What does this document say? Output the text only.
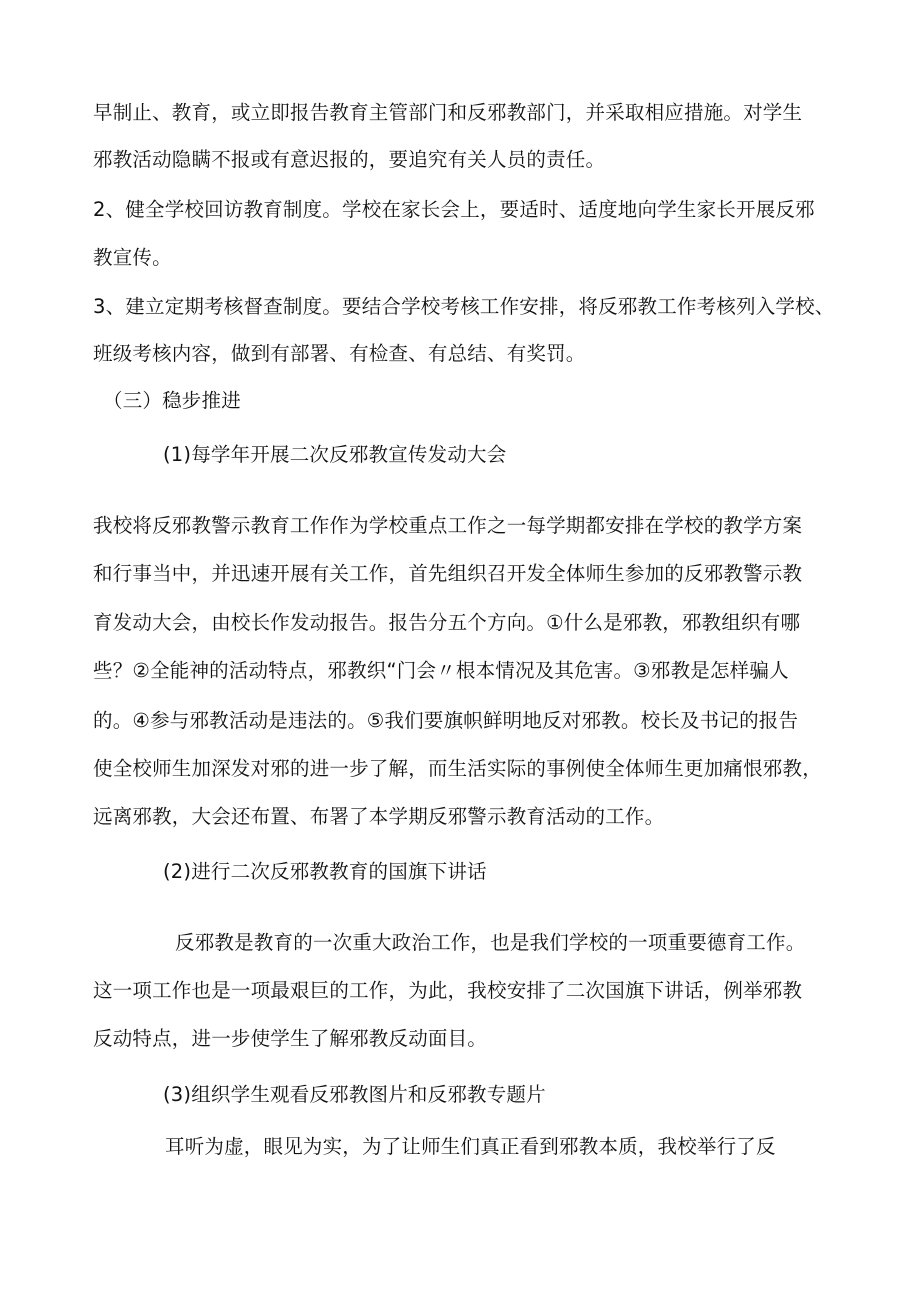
早制止、教育，或立即报告教育主管部门和反邪教部门，并采取相应措施。对学生
邪教活动隐瞒不报或有意迟报的，要追究有关人员的责任。
2、健全学校回访教育制度。学校在家长会上，要适时、适度地向学生家长开展反邪
教宣传。
3、建立定期考核督查制度。要结合学校考核工作安排，将反邪教工作考核列入学校、
班级考核内容，做到有部署、有检查、有总结、有奖罚。
（三）稳步推进
(1)每学年开展二次反邪教宣传发动大会
我校将反邪教警示教育工作作为学校重点工作之一每学期都安排在学校的教学方案
和行事当中，并迅速开展有关工作，首先组织召开发全体师生参加的反邪教警示教
育发动大会，由校长作发动报告。报告分五个方向。①什么是邪教，邪教组织有哪
些？②全能神的活动特点，邪教织“门会〃根本情况及其危害。③邪教是怎样骗人
的。④参与邪教活动是违法的。⑤我们要旗帜鲜明地反对邪教。校长及书记的报告
使全校师生加深发对邪的进一步了解，而生活实际的事例使全体师生更加痛恨邪教，
远离邪教，大会还布置、布署了本学期反邪警示教育活动的工作。
(2)进行二次反邪教教育的国旗下讲话
反邪教是教育的一次重大政治工作，也是我们学校的一项重要德育工作。
这一项工作也是一项最艰巨的工作，为此，我校安排了二次国旗下讲话，例举邪教
反动特点，进一步使学生了解邪教反动面目。
(3)组织学生观看反邪教图片和反邪教专题片
耳听为虚，眼见为实，为了让师生们真正看到邪教本质，我校举行了反
